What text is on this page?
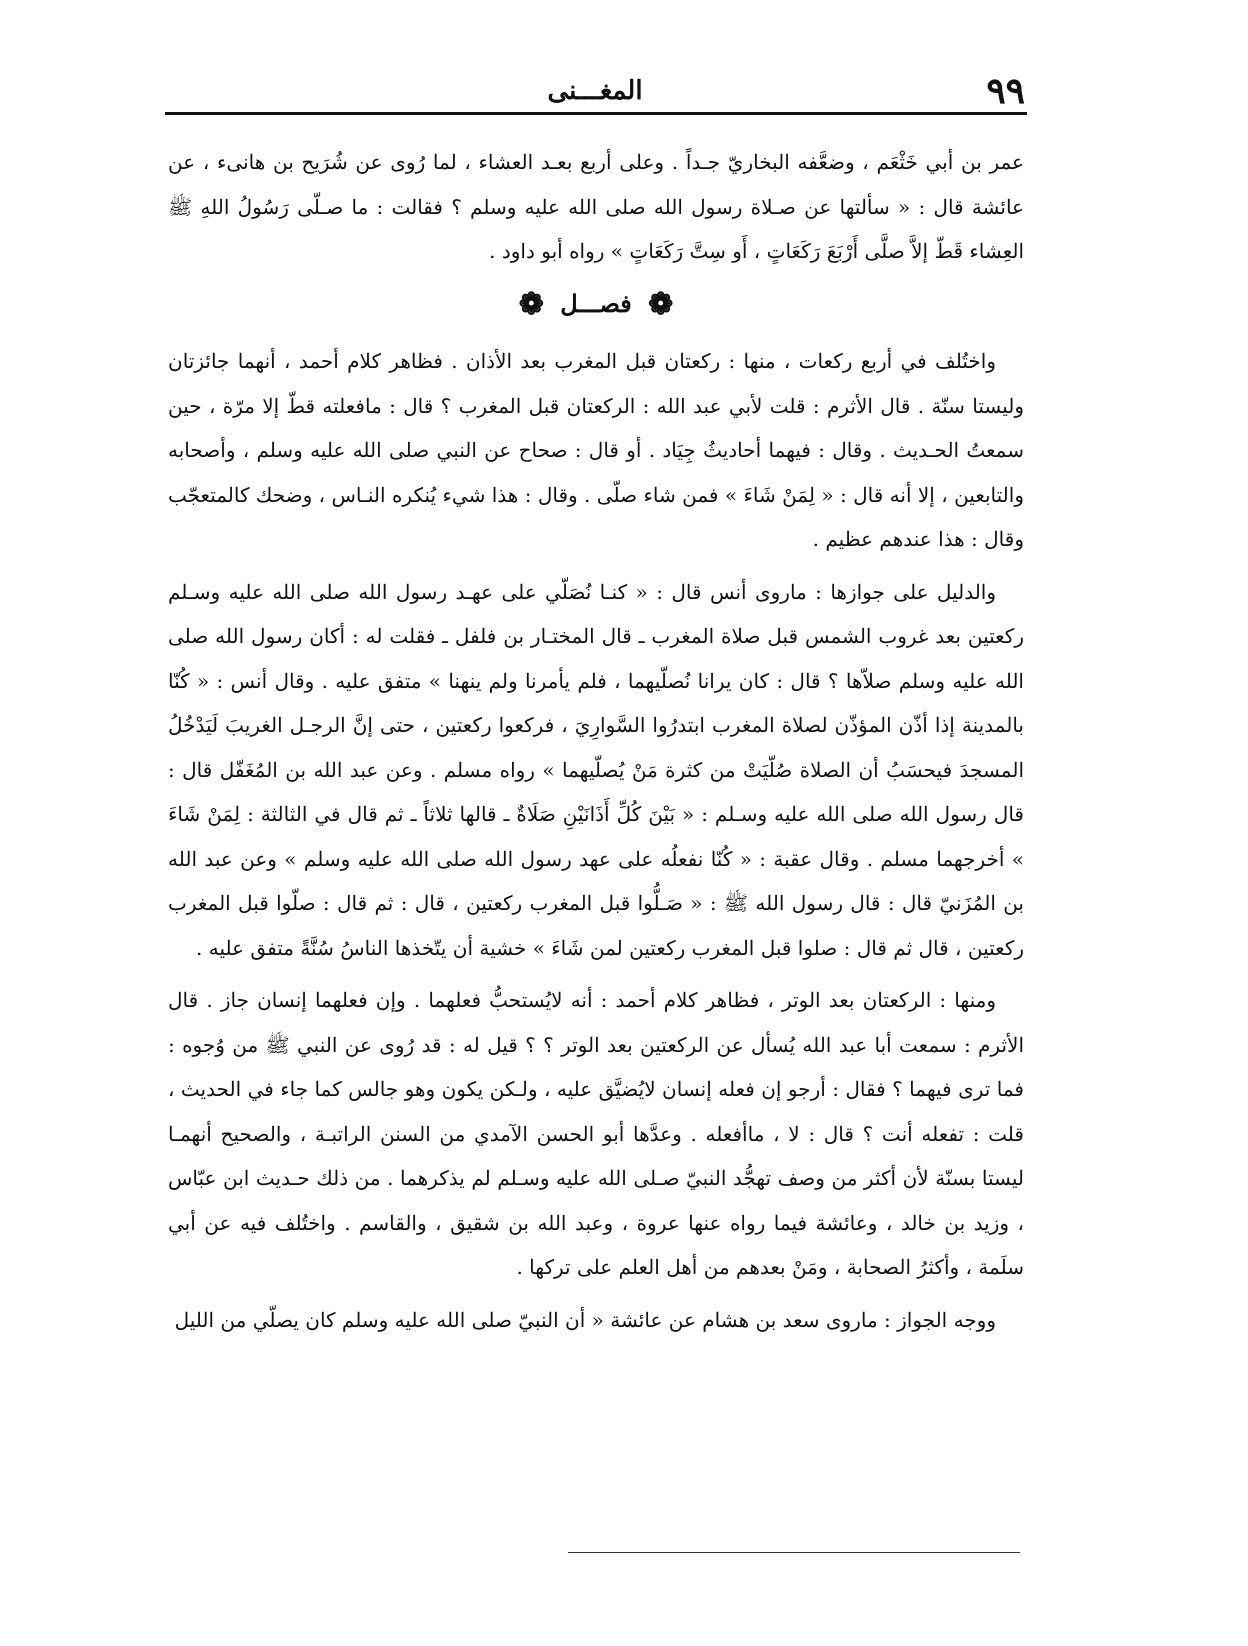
٩٩
المغـــنى

عمر بن أبي خَثْعَم ، وضعَّفه البخاريّ جـداً . وعلى أربع بعـد العشاء ، لما رُوى عن شُرَيح بن هانىء ، عن عائشة قال : « سألتها عن صـلاة رسول الله صلى الله عليه وسلم ؟ فقالت : ما صـلّى رَسُولُ اللهِ ﷺ العِشاء قَطّ إلاَّ صلَّى أَرْبَعَ رَكَعَاتٍ ، أَو سِتَّ رَكَعَاتٍ » رواه أبو داود .

❁ فصـــل ❁

واختُلف في أربع ركعات ، منها : ركعتان قبل المغرب بعد الأذان . فظاهر كلام أحمد ، أنهما جائزتان وليستا سنّة . قال الأثرم : قلت لأبي عبد الله : الركعتان قبل المغرب ؟ قال : مافعلته قطّ إلا مرّة ، حين سمعتُ الحـديث . وقال : فيهما أحاديثُ جِيَاد . أو قال : صحاح عن النبي صلى الله عليه وسلم ، وأصحابه والتابعين ، إلا أنه قال : « لِمَنْ شَاءَ » فمن شاء صلّى . وقال : هذا شيء يُنكره النـاس ، وضحك كالمتعجّب وقال : هذا عندهم عظيم .

والدليل على جوازها : ماروى أنس قال : « كنـا نُصَلّي على عهـد رسول الله صلى الله عليه وسـلم ركعتين بعد غروب الشمس قبل صلاة المغرب ـ قال المختـار بن فلفل ـ فقلت له : أكان رسول الله صلى الله عليه وسلم صلاّها ؟ قال : كان يرانا نُصلّيهما ، فلم يأمرنا ولم ينهنا » متفق عليه . وقال أنس : « كُنّا بالمدينة إذا أذّن المؤذّن لصلاة المغرب ابتدرُوا السَّوارِيَ ، فركعوا ركعتين ، حتى إنَّ الرجـل الغريبَ لَيَدْخُلُ المسجدَ فيحسَبُ أن الصلاة صُلّيَتْ من كثرة مَنْ يُصلّيهما » رواه مسلم . وعن عبد الله بن المُغَفّل قال : قال رسول الله صلى الله عليه وسـلم : « بَيْنَ كُلِّ أَذَانَيْنِ صَلَاةٌ ـ قالها ثلاثاً ـ ثم قال في الثالثة : لِمَنْ شَاءَ » أخرجهما مسلم . وقال عقبة : « كُنّا نفعلُه على عهد رسول الله صلى الله عليه وسلم » وعن عبد الله بن المُزَنيّ قال : قال رسول الله ﷺ : « صَـلُّوا قبل المغرب ركعتين ، قال : ثم قال : صلّوا قبل المغرب ركعتين ، قال ثم قال : صلوا قبل المغرب ركعتين لمن شَاءَ » خشية أن يتّخذها الناسُ سُنَّةً متفق عليه .

ومنها : الركعتان بعد الوتر ، فظاهر كلام أحمد : أنه لايُستحبُّ فعلهما . وإن فعلهما إنسان جاز . قال الأثرم : سمعت أبا عبد الله يُسأل عن الركعتين بعد الوتر ؟ ؟ قيل له : قد رُوى عن النبي ﷺ من وُجوه : فما ترى فيهما ؟ فقال : أرجو إن فعله إنسان لايُضيَّق عليه ، ولـكن يكون وهو جالس كما جاء في الحديث ، قلت : تفعله أنت ؟ قال : لا ، ماأفعله . وعدَّها أبو الحسن الآمدي من السنن الراتبـة ، والصحيح أنهمـا ليستا بسنّة لأن أكثر من وصف تهجُّد النبيّ صـلى الله عليه وسـلم لم يذكرهما . من ذلك حـديث ابن عبّاس ، وزيد بن خالد ، وعائشة فيما رواه عنها عروة ، وعبد الله بن شقيق ، والقاسم . واختُلف فيه عن أبي سلَمة ، وأكثرُ الصحابة ، ومَنْ بعدهم من أهل العلم على تركها .

ووجه الجواز : ماروى سعد بن هشام عن عائشة « أن النبيّ صلى الله عليه وسلم كان يصلّي من الليل
